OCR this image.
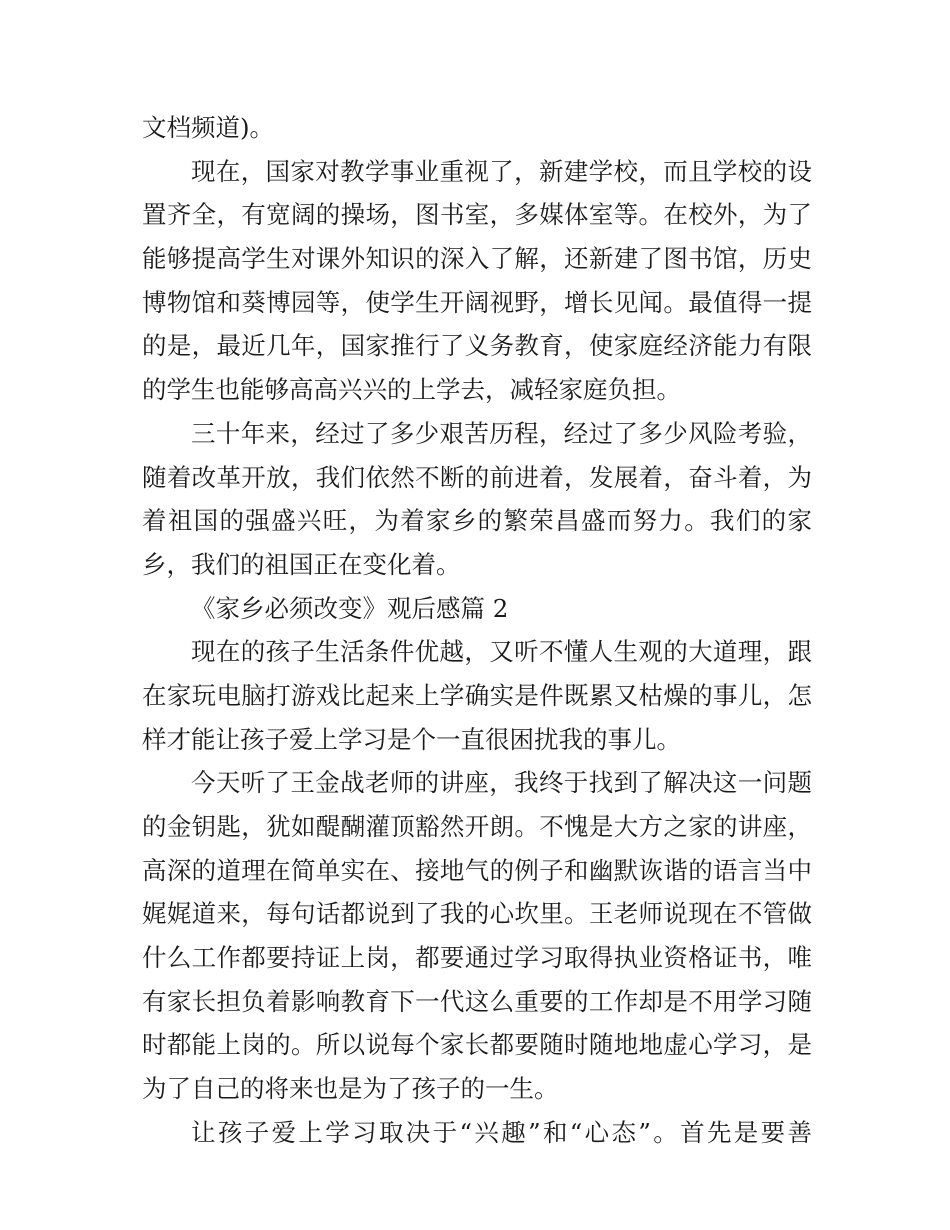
文档频道)。
现在，国家对教学事业重视了，新建学校，而且学校的设
置齐全，有宽阔的操场，图书室，多媒体室等。在校外，为了
能够提高学生对课外知识的深入了解，还新建了图书馆，历史
博物馆和葵博园等，使学生开阔视野，增长见闻。最值得一提
的是，最近几年，国家推行了义务教育，使家庭经济能力有限
的学生也能够高高兴兴的上学去，减轻家庭负担。
三十年来，经过了多少艰苦历程，经过了多少风险考验，
随着改革开放，我们依然不断的前进着，发展着，奋斗着，为
着祖国的强盛兴旺，为着家乡的繁荣昌盛而努力。我们的家
乡，我们的祖国正在变化着。
《家乡必须改变》观后感篇 2
现在的孩子生活条件优越，又听不懂人生观的大道理，跟
在家玩电脑打游戏比起来上学确实是件既累又枯燥的事儿，怎
样才能让孩子爱上学习是个一直很困扰我的事儿。
今天听了王金战老师的讲座，我终于找到了解决这一问题
的金钥匙，犹如醍醐灌顶豁然开朗。不愧是大方之家的讲座，
高深的道理在简单实在、接地气的例子和幽默诙谐的语言当中
娓娓道来，每句话都说到了我的心坎里。王老师说现在不管做
什么工作都要持证上岗，都要通过学习取得执业资格证书，唯
有家长担负着影响教育下一代这么重要的工作却是不用学习随
时都能上岗的。所以说每个家长都要随时随地地虚心学习，是
为了自己的将来也是为了孩子的一生。
让孩子爱上学习取决于“兴趣”和“心态”。首先是要善
